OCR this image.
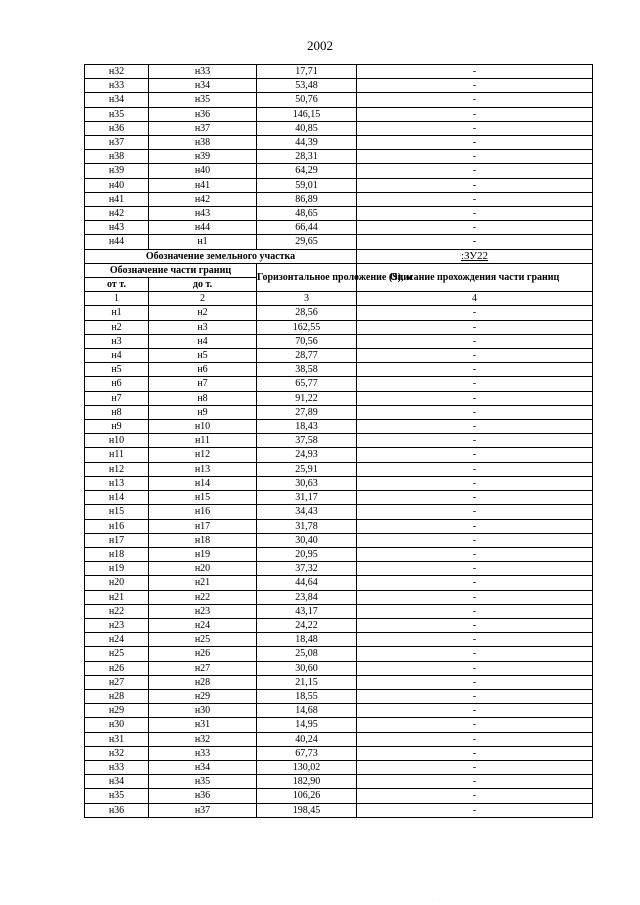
2002
н32	н33	17,71	-
н33	н34	53,48	-
н34	н35	50,76	-
н35	н36	146,15	-
н36	н37	40,85	-
н37	н38	44,39	-
н38	н39	28,31	-
н39	н40	64,29	-
н40	н41	59,01	-
н41	н42	86,89	-
н42	н43	48,65	-
н43	н44	66,44	-
н44	н1	29,65	-
Обозначение земельного участка			:ЗУ22
Обозначение части границ		Горизонтальное проложение (S), м	Описание прохождения части границ
от т.	до т.		
1	2	3	4
н1	н2	28,56	-
н2	н3	162,55	-
н3	н4	70,56	-
н4	н5	28,77	-
н5	н6	38,58	-
н6	н7	65,77	-
н7	н8	91,22	-
н8	н9	27,89	-
н9	н10	18,43	-
н10	н11	37,58	-
н11	н12	24,93	-
н12	н13	25,91	-
н13	н14	30,63	-
н14	н15	31,17	-
н15	н16	34,43	-
н16	н17	31,78	-
н17	н18	30,40	-
н18	н19	20,95	-
н19	н20	37,32	-
н20	н21	44,64	-
н21	н22	23,84	-
н22	н23	43,17	-
н23	н24	24,22	-
н24	н25	18,48	-
н25	н26	25,08	-
н26	н27	30,60	-
н27	н28	21,15	-
н28	н29	18,55	-
н29	н30	14,68	-
н30	н31	14,95	-
н31	н32	40,24	-
н32	н33	67,73	-
н33	н34	130,02	-
н34	н35	182,90	-
н35	н36	106,26	-
н36	н37	198,45	-
· · · · · · ·
